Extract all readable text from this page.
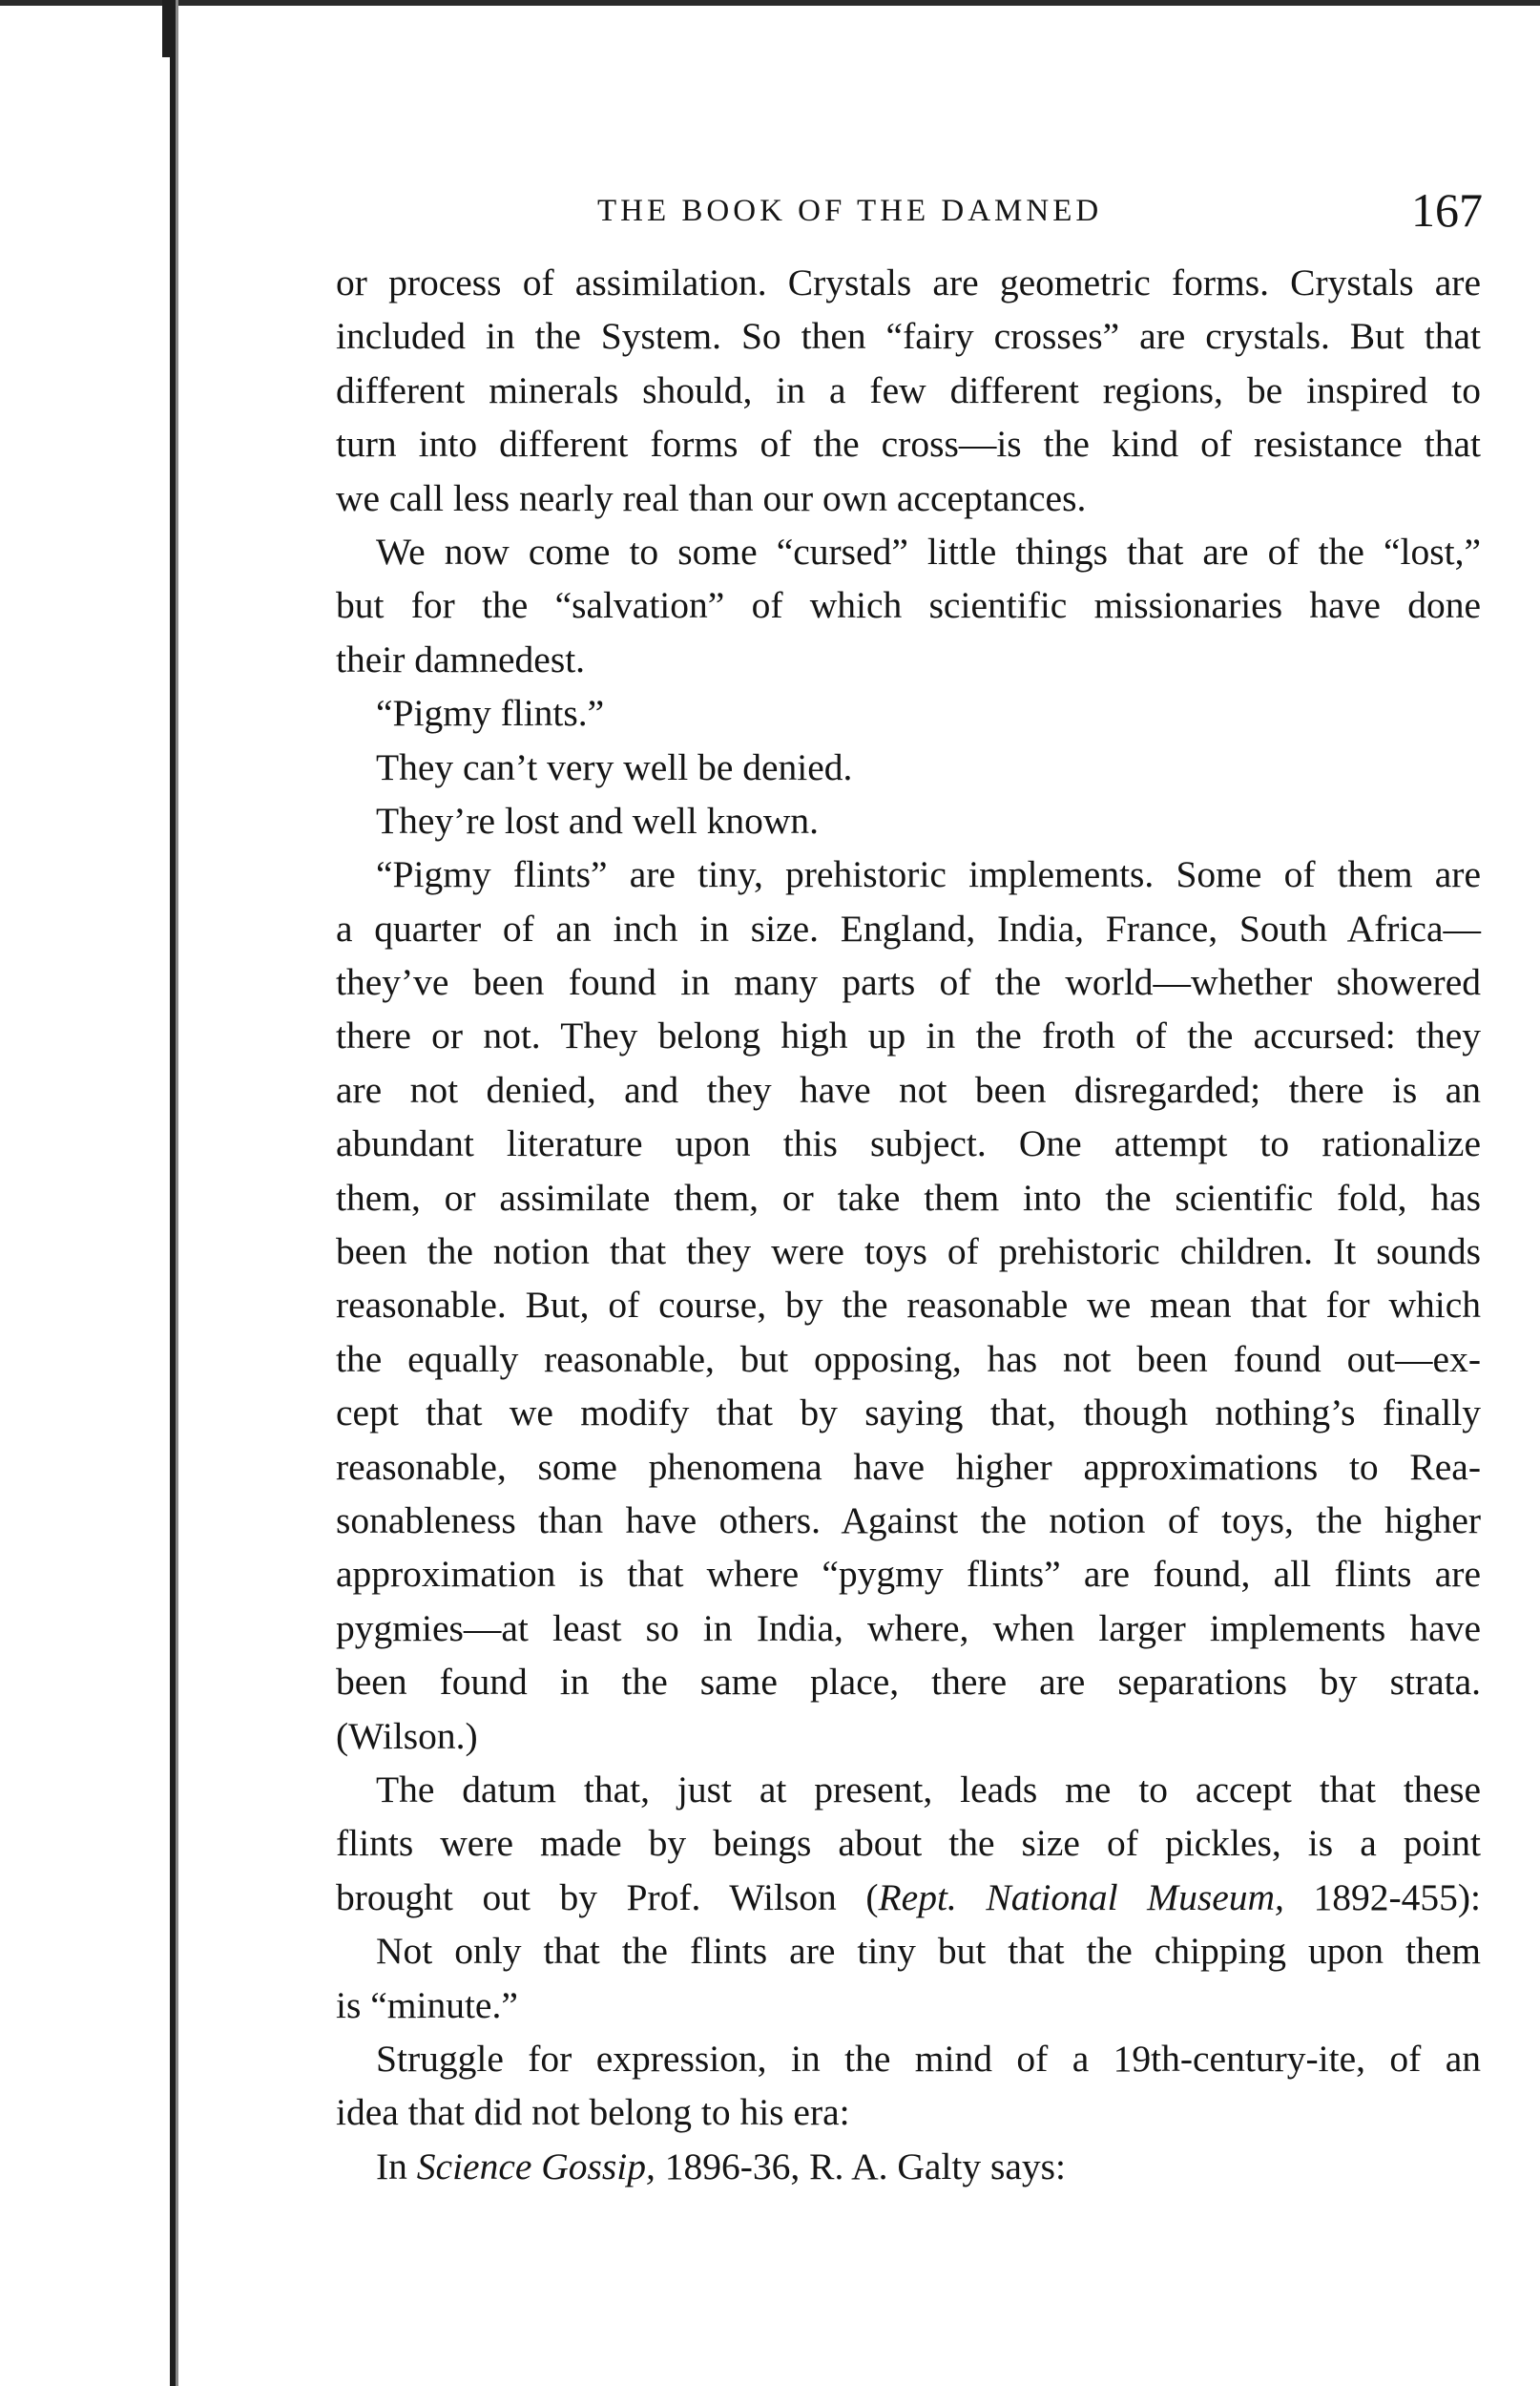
THE BOOK OF THE DAMNED	167
or process of assimilation. Crystals are geometric forms. Crystals are
included in the System. So then “fairy crosses” are crystals. But that
different minerals should, in a few different regions, be inspired to
turn into different forms of the cross—is the kind of resistance that
we call less nearly real than our own acceptances.
We now come to some “cursed” little things that are of the “lost,”
but for the “salvation” of which scientific missionaries have done
their damnedest.
“Pigmy flints.”
They can’t very well be denied.
They’re lost and well known.
“Pigmy flints” are tiny, prehistoric implements. Some of them are
a quarter of an inch in size. England, India, France, South Africa—
they’ve been found in many parts of the world—whether showered
there or not. They belong high up in the froth of the accursed: they
are not denied, and they have not been disregarded; there is an
abundant literature upon this subject. One attempt to rationalize
them, or assimilate them, or take them into the scientific fold, has
been the notion that they were toys of prehistoric children. It sounds
reasonable. But, of course, by the reasonable we mean that for which
the equally reasonable, but opposing, has not been found out—ex-
cept that we modify that by saying that, though nothing’s finally
reasonable, some phenomena have higher approximations to Rea-
sonableness than have others. Against the notion of toys, the higher
approximation is that where “pygmy flints” are found, all flints are
pygmies—at least so in India, where, when larger implements have
been found in the same place, there are separations by strata.
(Wilson.)
The datum that, just at present, leads me to accept that these
flints were made by beings about the size of pickles, is a point
brought out by Prof. Wilson (Rept. National Museum, 1892-455):
Not only that the flints are tiny but that the chipping upon them
is “minute.”
Struggle for expression, in the mind of a 19th-century-ite, of an
idea that did not belong to his era:
In Science Gossip, 1896-36, R. A. Galty says:
